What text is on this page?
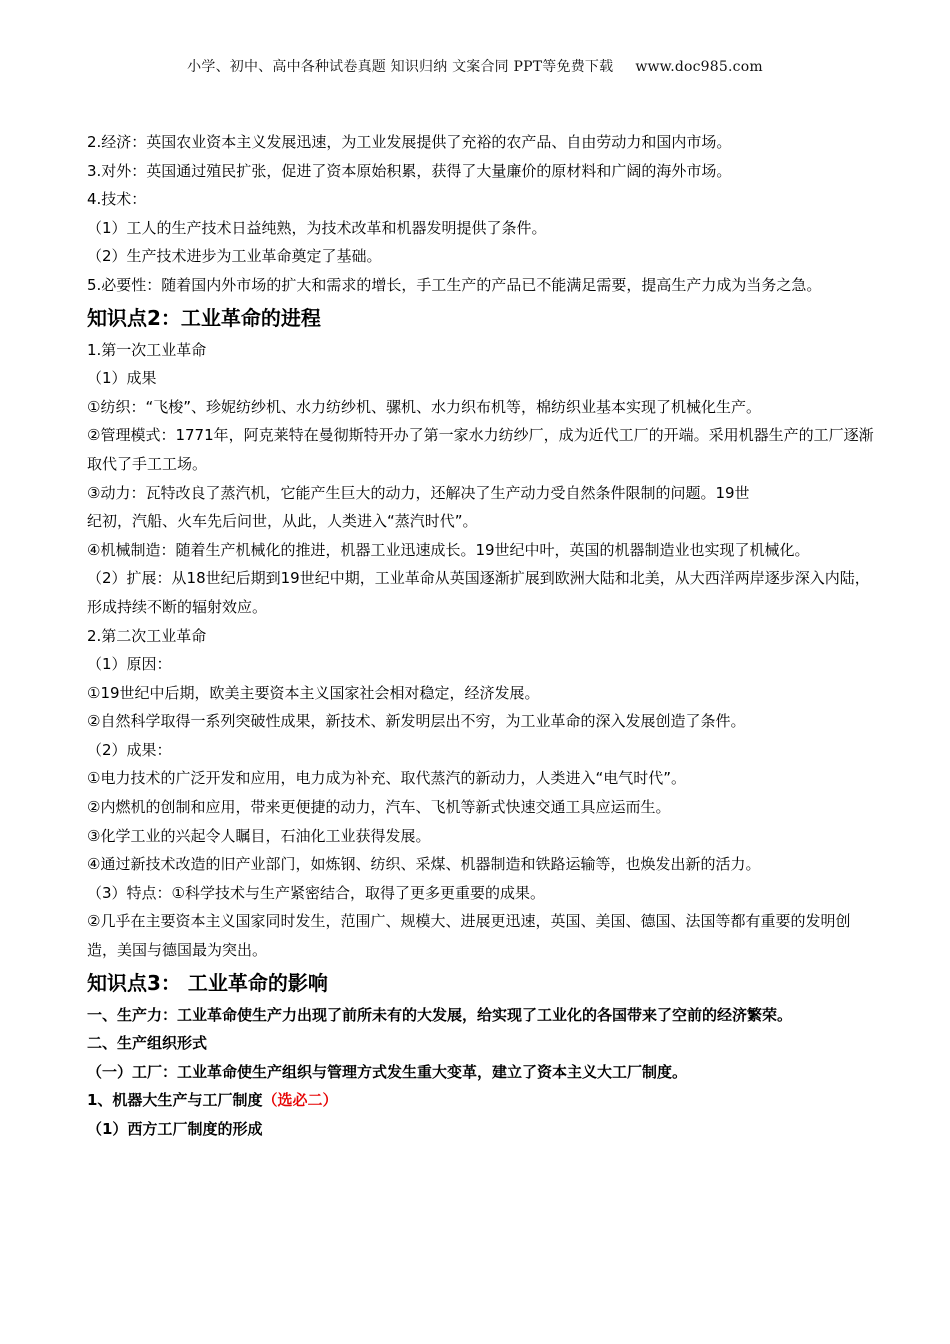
小学、初中、高中各种试卷真题 知识归纳 文案合同 PPT等免费下载 www.doc985.com

2.经济：英国农业资本主义发展迅速，为工业发展提供了充裕的农产品、自由劳动力和国内市场。

3.对外：英国通过殖民扩张，促进了资本原始积累，获得了大量廉价的原材料和广阔的海外市场。

4.技术：

（1）工人的生产技术日益纯熟，为技术改革和机器发明提供了条件。

（2）生产技术进步为工业革命奠定了基础。

5.必要性：随着国内外市场的扩大和需求的增长，手工生产的产品已不能满足需要，提高生产力成为当务之急。

知识点2：工业革命的进程

1.第一次工业革命

（1）成果

①纺织：“飞梭”、珍妮纺纱机、水力纺纱机、骡机、水力织布机等，棉纺织业基本实现了机械化生产。

②管理模式：1771年，阿克莱特在曼彻斯特开办了第一家水力纺纱厂，成为近代工厂的开端。采用机器生产的工厂逐渐取代了手工工场。

③动力：瓦特改良了蒸汽机，它能产生巨大的动力，还解决了生产动力受自然条件限制的问题。19世

纪初，汽船、火车先后问世，从此，人类进入“蒸汽时代”。

④机械制造：随着生产机械化的推进，机器工业迅速成长。19世纪中叶，英国的机器制造业也实现了机械化。

（2）扩展：从18世纪后期到19世纪中期，工业革命从英国逐渐扩展到欧洲大陆和北美，从大西洋两岸逐步深入内陆，形成持续不断的辐射效应。

2.第二次工业革命

（1）原因：

①19世纪中后期，欧美主要资本主义国家社会相对稳定，经济发展。

②自然科学取得一系列突破性成果，新技术、新发明层出不穷，为工业革命的深入发展创造了条件。

（2）成果：

①电力技术的广泛开发和应用，电力成为补充、取代蒸汽的新动力，人类进入“电气时代”。

②内燃机的创制和应用，带来更便捷的动力，汽车、飞机等新式快速交通工具应运而生。

③化学工业的兴起令人瞩目，石油化工业获得发展。

④通过新技术改造的旧产业部门，如炼钢、纺织、采煤、机器制造和铁路运输等，也焕发出新的活力。

（3）特点：①科学技术与生产紧密结合，取得了更多更重要的成果。

②几乎在主要资本主义国家同时发生，范围广、规模大、进展更迅速，英国、美国、德国、法国等都有重要的发明创造，美国与德国最为突出。

知识点3： 工业革命的影响

一、生产力：工业革命使生产力出现了前所未有的大发展，给实现了工业化的各国带来了空前的经济繁荣。

二、生产组织形式

（一）工厂：工业革命使生产组织与管理方式发生重大变革，建立了资本主义大工厂制度。

1、机器大生产与工厂制度（选必二）

（1）西方工厂制度的形成
